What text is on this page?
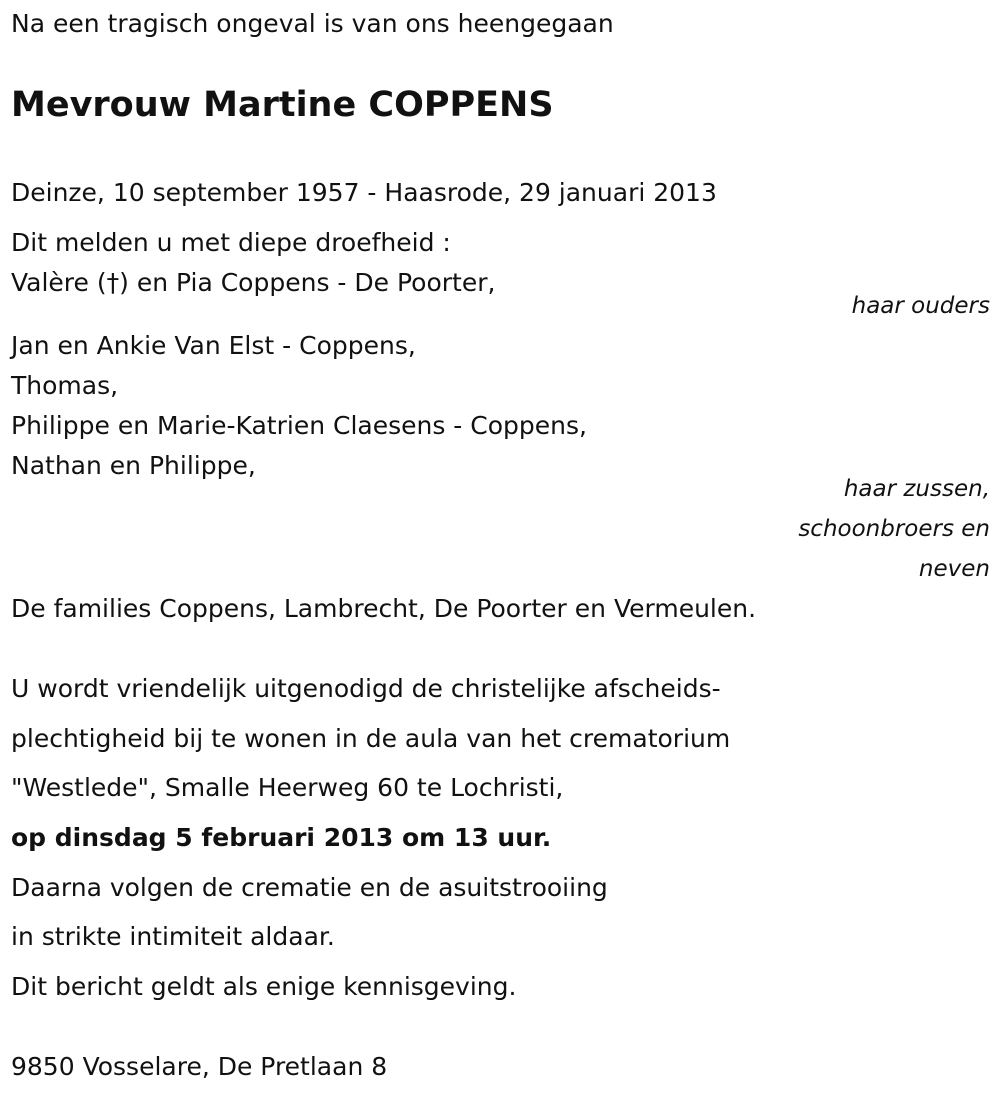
Na een tragisch ongeval is van ons heengegaan

Mevrouw Martine COPPENS

Deinze, 10 september 1957 - Haasrode, 29 januari 2013

Dit melden u met diepe droefheid :

Valère (†) en Pia Coppens - De Poorter,

haar ouders

Jan en Ankie Van Elst - Coppens,

Thomas,

Philippe en Marie-Katrien Claesens - Coppens,

Nathan en Philippe,

haar zussen,

schoonbroers en

neven

De families Coppens, Lambrecht, De Poorter en Vermeulen.

U wordt vriendelijk uitgenodigd de christelijke afscheids-

plechtigheid bij te wonen in de aula van het crematorium

"Westlede", Smalle Heerweg 60 te Lochristi,

op dinsdag 5 februari 2013 om 13 uur.

Daarna volgen de crematie en de asuitstrooiing

in strikte intimiteit aldaar.

Dit bericht geldt als enige kennisgeving.

9850 Vosselare, De Pretlaan 8
